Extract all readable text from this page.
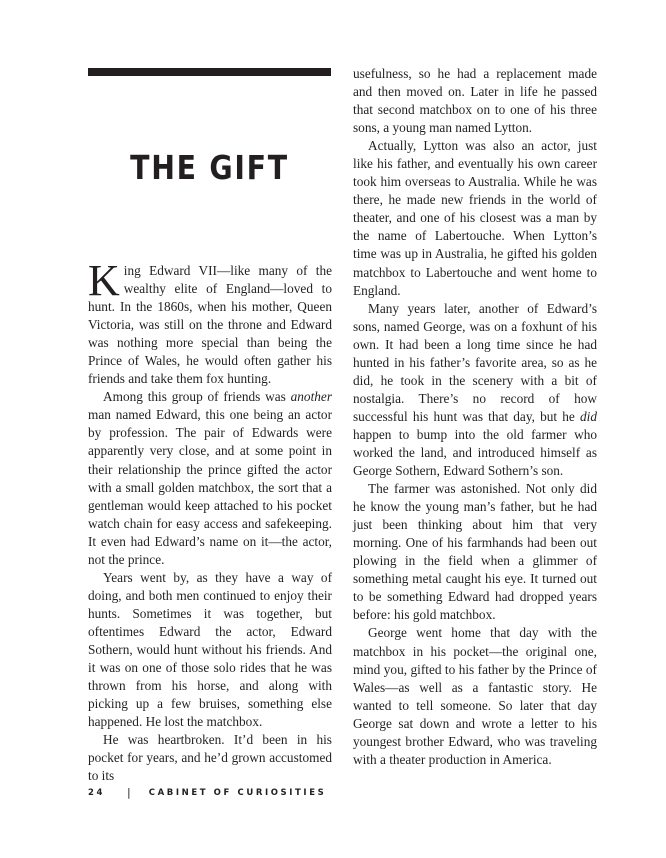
THE GIFT

King Edward VII—like many of the wealthy elite of England—loved to hunt. In the 1860s, when his mother, Queen Victoria, was still on the throne and Edward was nothing more special than being the Prince of Wales, he would often gather his friends and take them fox hunting.

Among this group of friends was another man named Edward, this one being an actor by profession. The pair of Edwards were apparently very close, and at some point in their relationship the prince gifted the actor with a small golden matchbox, the sort that a gentleman would keep attached to his pocket watch chain for easy access and safekeeping. It even had Edward’s name on it—the actor, not the prince.

Years went by, as they have a way of doing, and both men continued to enjoy their hunts. Sometimes it was together, but oftentimes Edward the actor, Edward Sothern, would hunt without his friends. And it was on one of those solo rides that he was thrown from his horse, and along with picking up a few bruises, something else happened. He lost the matchbox.

He was heartbroken. It’d been in his pocket for years, and he’d grown accustomed to its

usefulness, so he had a replacement made and then moved on. Later in life he passed that second matchbox on to one of his three sons, a young man named Lytton.

Actually, Lytton was also an actor, just like his father, and eventually his own career took him overseas to Australia. While he was there, he made new friends in the world of theater, and one of his closest was a man by the name of Labertouche. When Lytton’s time was up in Australia, he gifted his golden matchbox to Labertouche and went home to England.

Many years later, another of Edward’s sons, named George, was on a foxhunt of his own. It had been a long time since he had hunted in his father’s favorite area, so as he did, he took in the scenery with a bit of nostalgia. There’s no record of how successful his hunt was that day, but he did happen to bump into the old farmer who worked the land, and introduced himself as George Sothern, Edward Sothern’s son.

The farmer was astonished. Not only did he know the young man’s father, but he had just been thinking about him that very morning. One of his farmhands had been out plowing in the field when a glimmer of something metal caught his eye. It turned out to be something Edward had dropped years before: his gold matchbox.

George went home that day with the matchbox in his pocket—the original one, mind you, gifted to his father by the Prince of Wales—as well as a fantastic story. He wanted to tell someone. So later that day George sat down and wrote a letter to his youngest brother Edward, who was traveling with a theater production in America.

24 | CABINET OF CURIOSITIES
